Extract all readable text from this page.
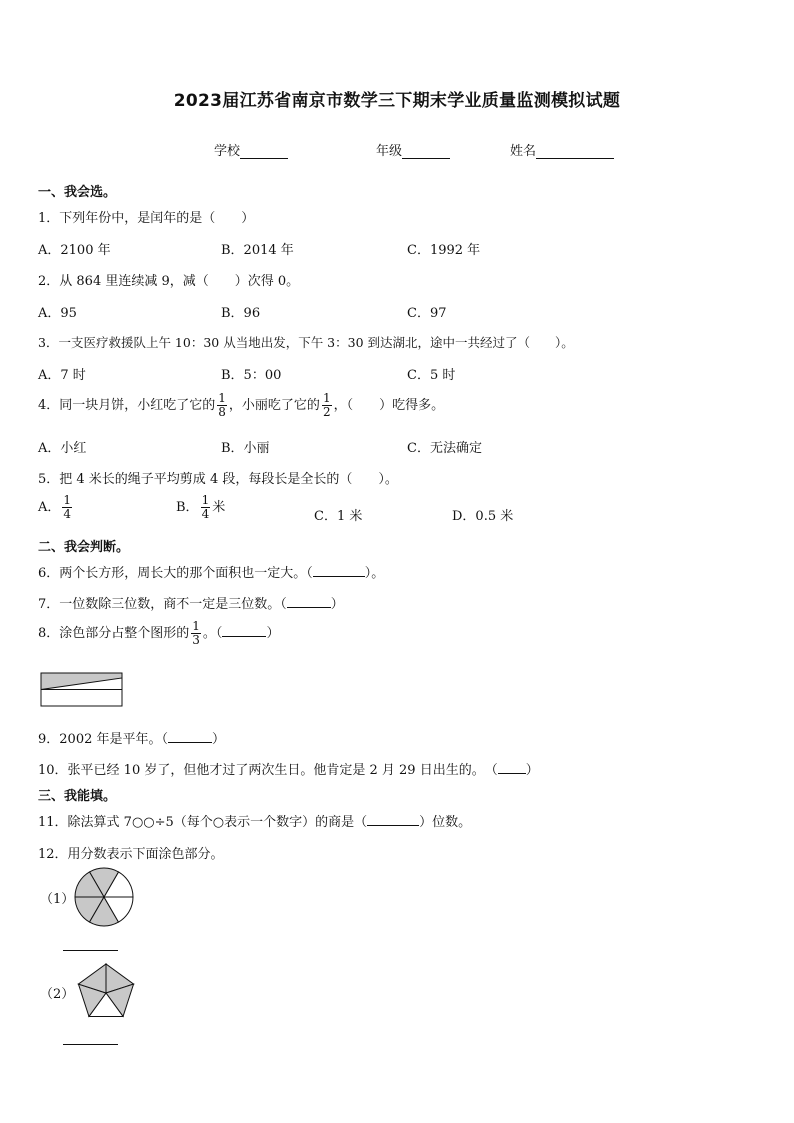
2023届江苏省南京市数学三下期末学业质量监测模拟试题
学校	年级	姓名
一、我会选。
1．下列年份中，是闰年的是（　　）
A．2100 年	B．2014 年	C．1992 年
2．从 864 里连续减 9，减（　　）次得 0。
A．95	B．96	C．97
3．一支医疗救援队上午 10：30 从当地出发，下午 3：30 到达湖北，途中一共经过了（　　）。
A．7 时	B．5：00	C．5 时
4．同一块月饼，小红吃了它的 $\frac{1}{8}$ ，小丽吃了它的 $\frac{1}{2}$ ，（　　）吃得多。
A．小红	B．小丽	C．无法确定
5．把 4 米长的绳子平均剪成 4 段，每段长是全长的（　　）。
A． $\frac{1}{4}$	B． $\frac{1}{4}$ 米
C．1 米	D．0.5 米
二、我会判断。
6．两个长方形，周长大的那个面积也一定大。（	）。
7．一位数除三位数，商不一定是三位数。（	）
8．涂色部分占整个图形的 $\frac{1}{3}$ 。（	）
9．2002 年是平年。（	）
10．张平已经 10 岁了，但他才过了两次生日。他肯定是 2 月 29 日出生的。　（ ）
三、我能填。
11．除法算式 7○○÷5（每个○表示一个数字）的商是（	）位数。
12．用分数表示下面涂色部分。
（1）
（2）
